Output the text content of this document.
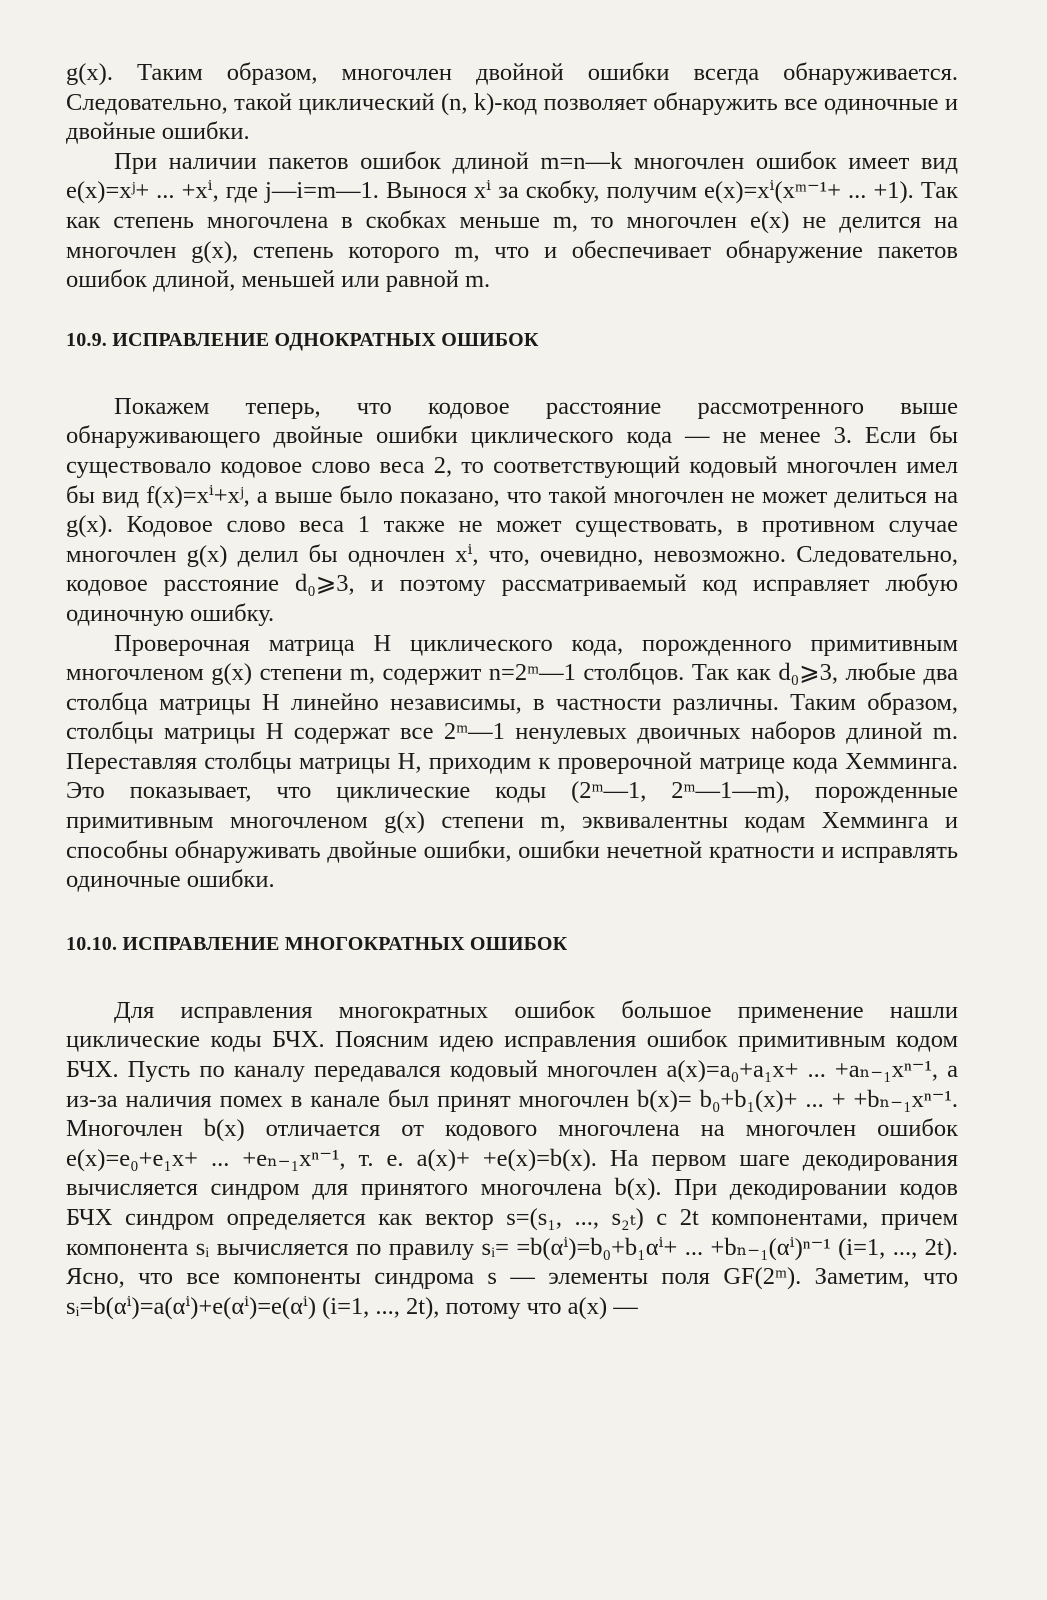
g(x). Таким образом, многочлен двойной ошибки всегда обнаруживается. Следовательно, такой циклический (n, k)-код позволяет обнаружить все одиночные и двойные ошибки.

При наличии пакетов ошибок длиной m=n—k многочлен ошибок имеет вид e(x)=xʲ+ ... +xⁱ, где j—i=m—1. Вынося xⁱ за скобку, получим e(x)=xⁱ(xᵐ⁻¹+ ... +1). Так как степень многочлена в скобках меньше m, то многочлен e(x) не делится на многочлен g(x), степень которого m, что и обеспечивает обнаружение пакетов ошибок длиной, меньшей или равной m.

10.9. ИСПРАВЛЕНИЕ ОДНОКРАТНЫХ ОШИБОК

Покажем теперь, что кодовое расстояние рассмотренного выше обнаруживающего двойные ошибки циклического кода — не менее 3. Если бы существовало кодовое слово веса 2, то соответствующий кодовый многочлен имел бы вид f(x)=xⁱ+xʲ, а выше было показано, что такой многочлен не может делиться на g(x). Кодовое слово веса 1 также не может существовать, в противном случае многочлен g(x) делил бы одночлен xⁱ, что, очевидно, невозможно. Следовательно, кодовое расстояние d₀⩾3, и поэтому рассматриваемый код исправляет любую одиночную ошибку.

Проверочная матрица H циклического кода, порожденного примитивным многочленом g(x) степени m, содержит n=2ᵐ—1 столбцов. Так как d₀⩾3, любые два столбца матрицы H линейно независимы, в частности различны. Таким образом, столбцы матрицы H содержат все 2ᵐ—1 ненулевых двоичных наборов длиной m. Переставляя столбцы матрицы H, приходим к проверочной матрице кода Хемминга. Это показывает, что циклические коды (2ᵐ—1, 2ᵐ—1—m), порожденные примитивным многочленом g(x) степени m, эквивалентны кодам Хемминга и способны обнаруживать двойные ошибки, ошибки нечетной кратности и исправлять одиночные ошибки.

10.10. ИСПРАВЛЕНИЕ МНОГОКРАТНЫХ ОШИБОК

Для исправления многократных ошибок большое применение нашли циклические коды БЧХ. Поясним идею исправления ошибок примитивным кодом БЧХ. Пусть по каналу передавался кодовый многочлен a(x)=a₀+a₁x+ ... +aₙ₋₁xⁿ⁻¹, а из-за наличия помех в канале был принят многочлен b(x)= b₀+b₁(x)+ ... + +bₙ₋₁xⁿ⁻¹. Многочлен b(x) отличается от кодового многочлена на многочлен ошибок e(x)=e₀+e₁x+ ... +eₙ₋₁xⁿ⁻¹, т. е. a(x)+ +e(x)=b(x). На первом шаге декодирования вычисляется синдром для принятого многочлена b(x). При декодировании кодов БЧХ синдром определяется как вектор s=(s₁, ..., s₂ₜ) с 2t компонентами, причем компонента sᵢ вычисляется по правилу sᵢ= =b(αⁱ)=b₀+b₁αⁱ+ ... +bₙ₋₁(αⁱ)ⁿ⁻¹ (i=1, ..., 2t). Ясно, что все компоненты синдрома s — элементы поля GF(2ᵐ). Заметим, что sᵢ=b(αⁱ)=a(αⁱ)+e(αⁱ)=e(αⁱ) (i=1, ..., 2t), потому что a(x) —
